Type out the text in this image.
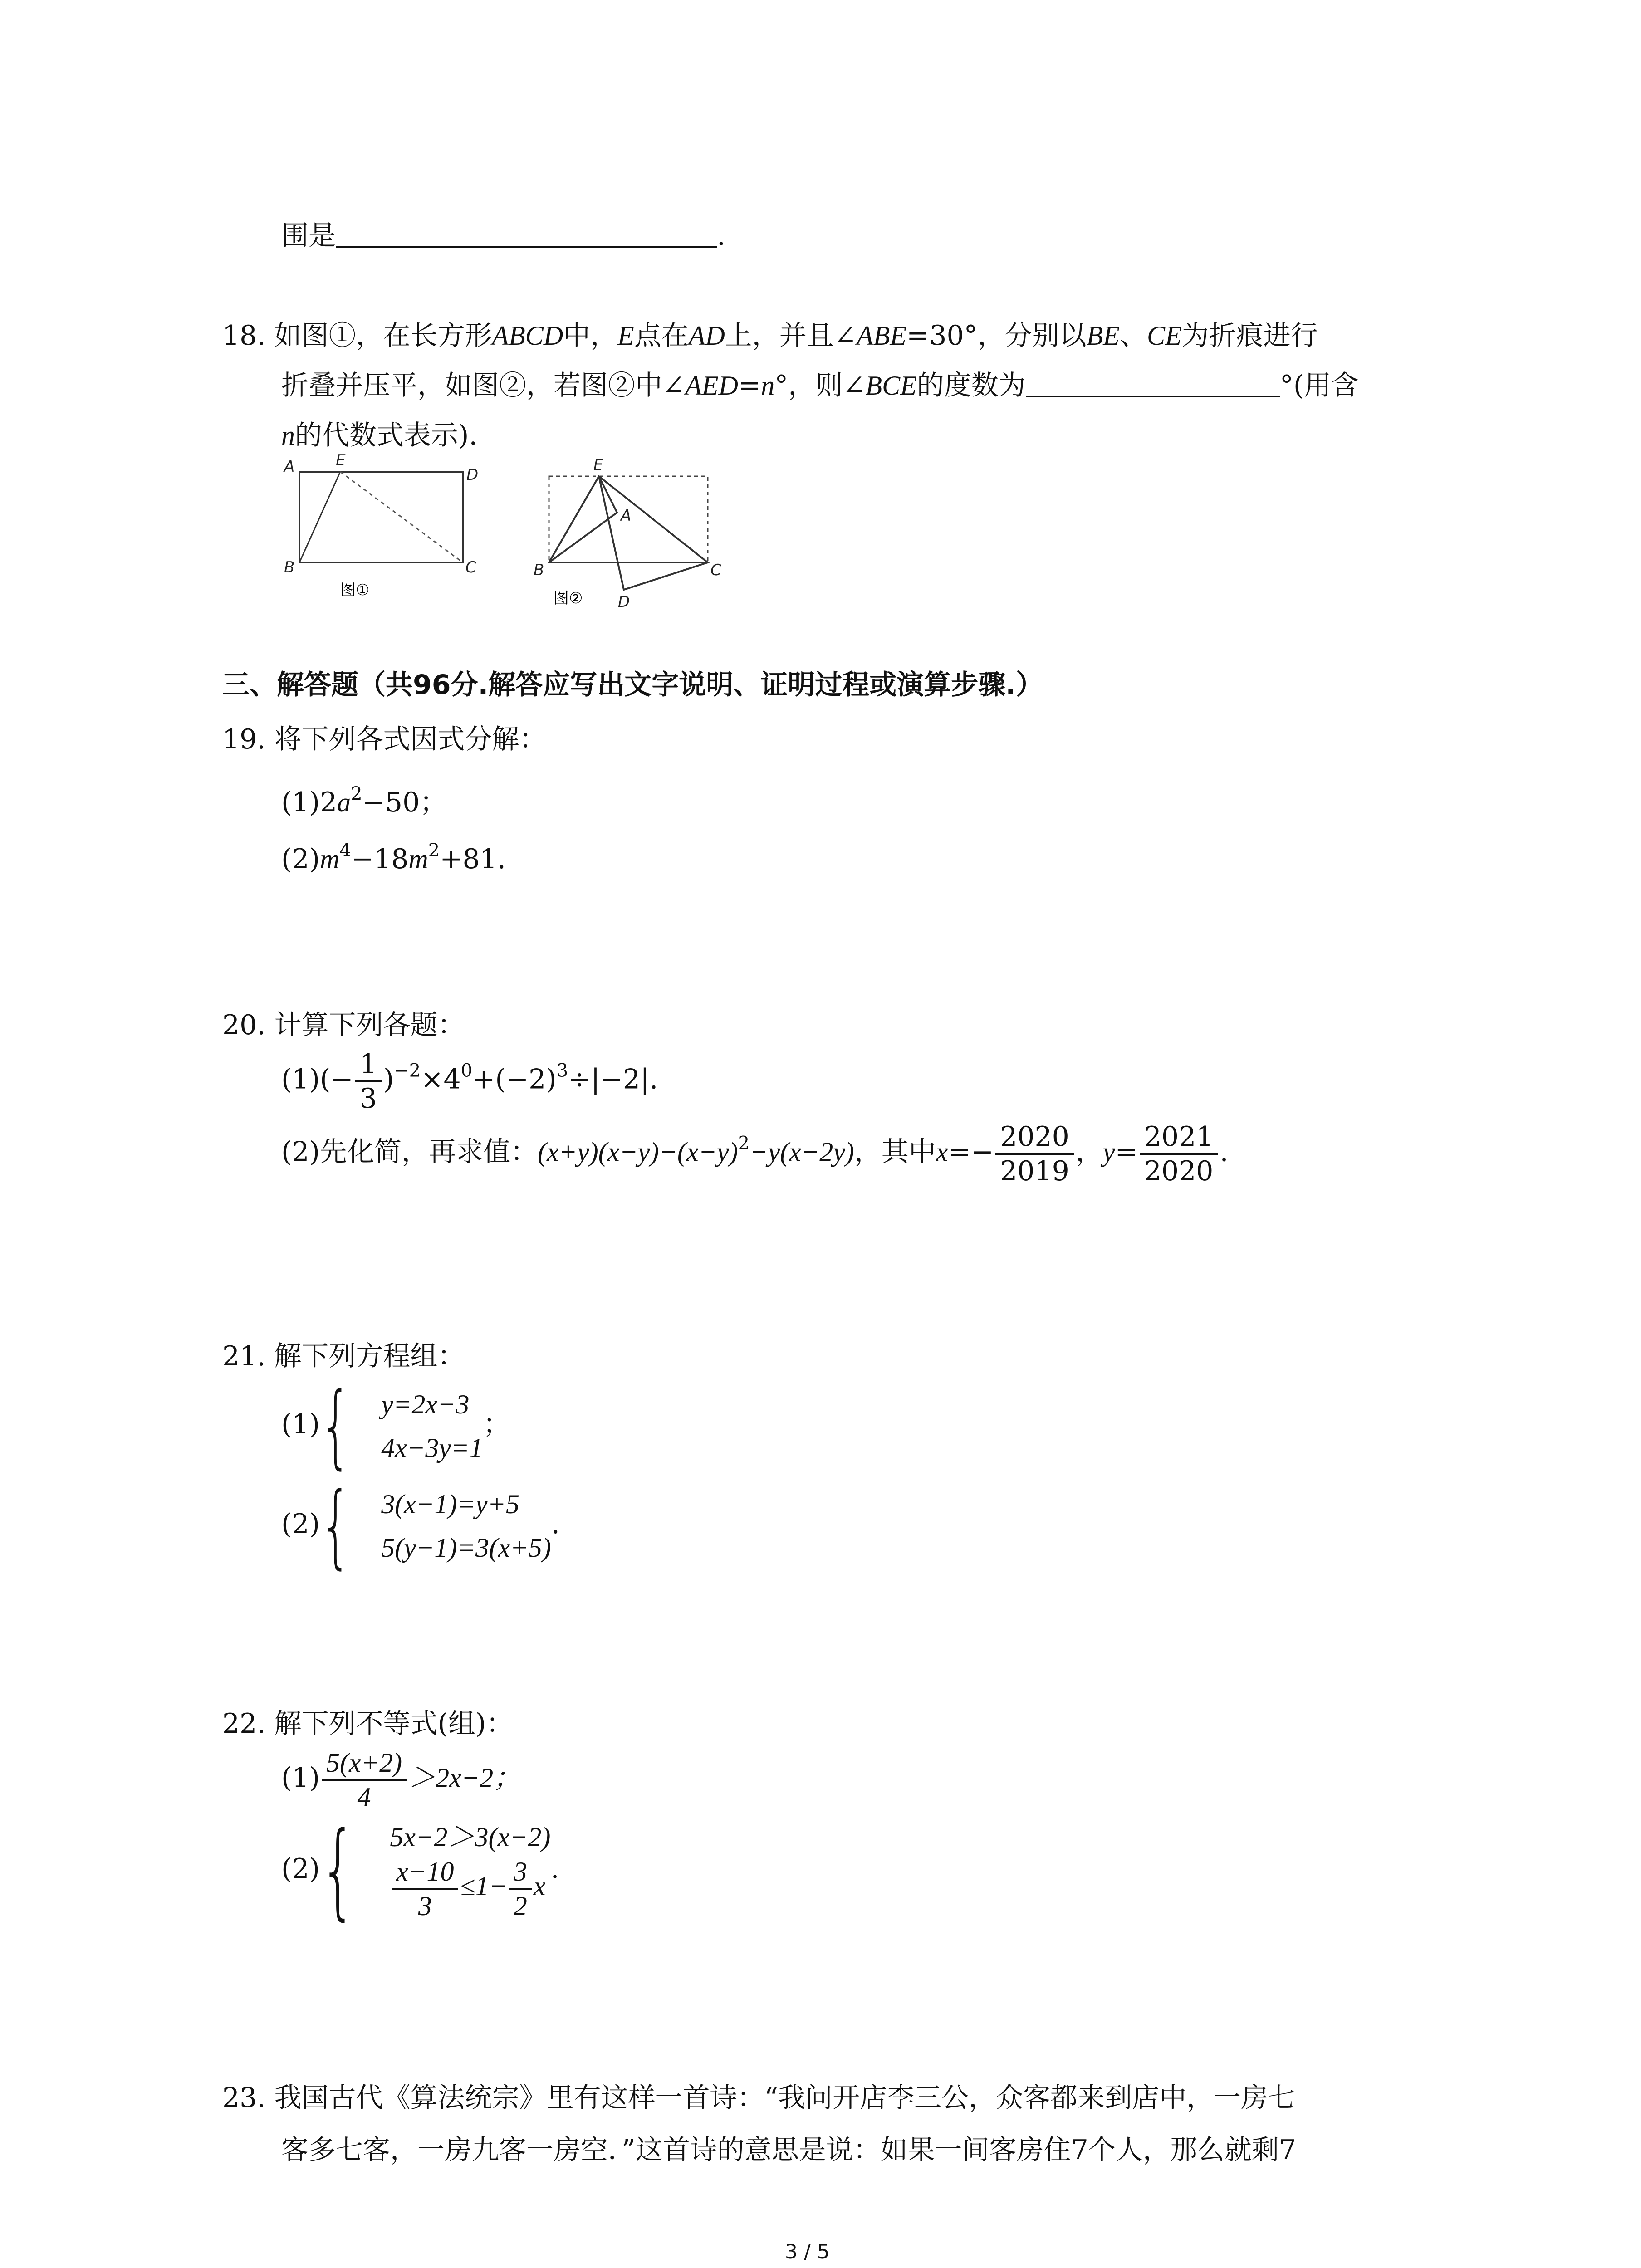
围是	.
18. 如图①，在长方形ABCD中，E点在AD上，并且∠ABE=30°，分别以BE、CE为折痕进行
折叠并压平，如图②，若图②中∠AED=n°，则∠BCE的度数为	°(用含
n的代数式表示).
A	E
D
B	C
图①
E
A
B	C
D
图②
三、解答题（共96分.解答应写出文字说明、证明过程或演算步骤.）
19. 将下列各式因式分解：
$(1)2a^2-50$；
$(2)m^4-18m^2+81$.
20. 计算下列各题：
$(1)(- \frac{1}{3} )^{-2}\times 4^0+(-2)^3\div|-2|$.
(2)先化简，再求值：$(x+y)(x-y)-(x-y)^2-y(x-2y)$，其中$x=- \frac{2020}{2019}$ ，$y= \frac{2021}{2020}$ .
21. 解下列方程组：
(1){ y=2x−3
4x−3y=1
；
(2){ 3(x−1)=y+5
5(y−1)=3(x+5)
.
22. 解下列不等式(组)：
$(1) \frac{5(x+2)}{4} >2x-2$；
(2){ 5x−2＞3(x−2)
$\frac{x-10}{3} \le 1- \frac{3}{2}$ x
.
23. 我国古代《算法统宗》里有这样一首诗：“我问开店李三公，众客都来到店中，一房七
客多七客，一房九客一房空．”这首诗的意思是说：如果一间客房住7个人，那么就剩7
3 / 5
